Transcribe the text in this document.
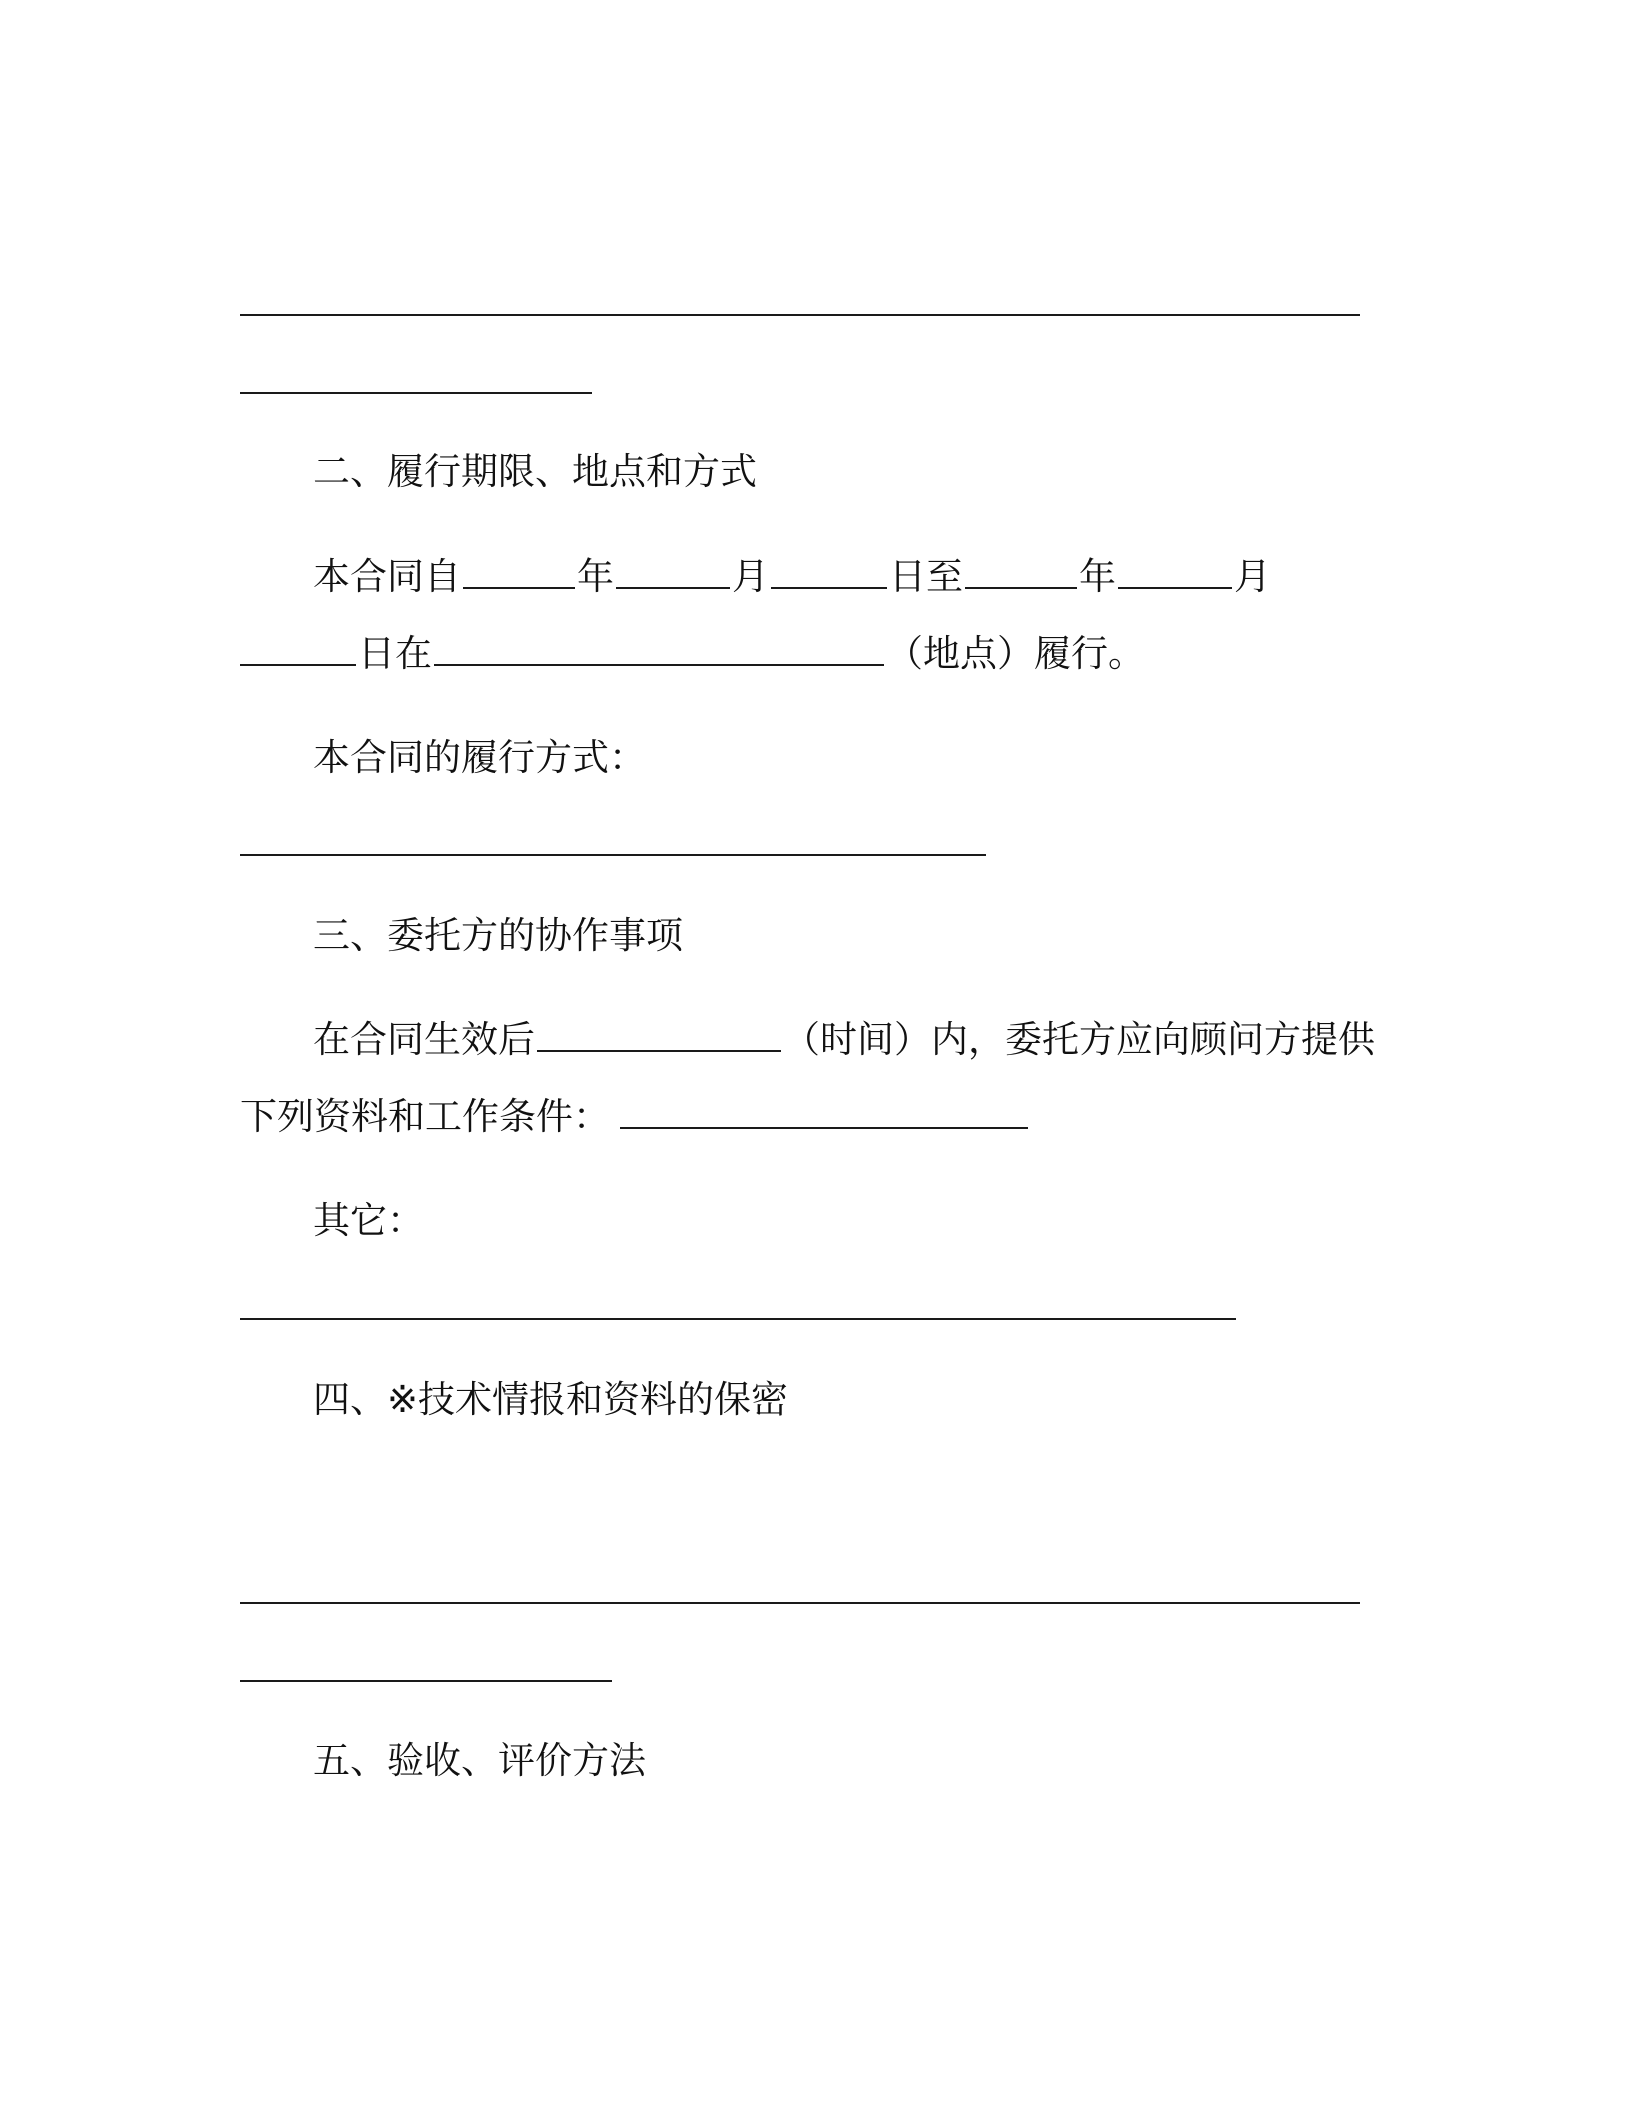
二、履行期限、地点和方式
本合同自	年	月	日至	年	月
日在	（地点）履行。
本合同的履行方式：
三、委托方的协作事项
在合同生效后	（时间）内，委托方应向顾问方提供
下列资料和工作条件：
其它：
四、※技术情报和资料的保密
五、验收、评价方法
